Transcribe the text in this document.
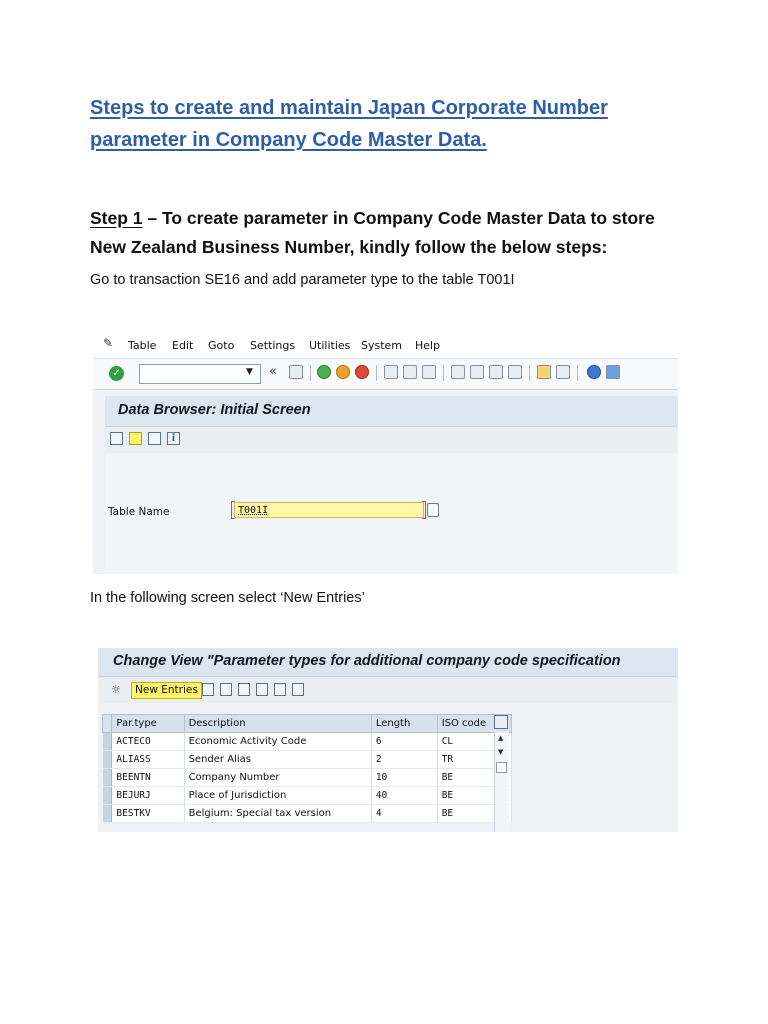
Steps to create and maintain Japan Corporate Number
parameter in Company Code Master Data.
Step 1 – To create parameter in Company Code Master Data to store
New Zealand Business Number, kindly follow the below steps:
Go to transaction SE16 and add parameter type to the table T001I
✎ Table Edit Goto Settings Utilities System Help
✓	▼ «
Data Browser: Initial Screen
i
Table Name	T001I
In the following screen select ‘New Entries’
Change View "Parameter types for additional company code specification
☼	New Entries
	Par.type	Description	Length	ISO code
	ACTECO	Economic Activity Code	6	CL
	ALIASS	Sender Alias	2	TR
	BEENTN	Company Number	10	BE
	BEJURJ	Place of Jurisdiction	40	BE
	BESTKV	Belgium: Special tax version	4	BE
▲
▼
